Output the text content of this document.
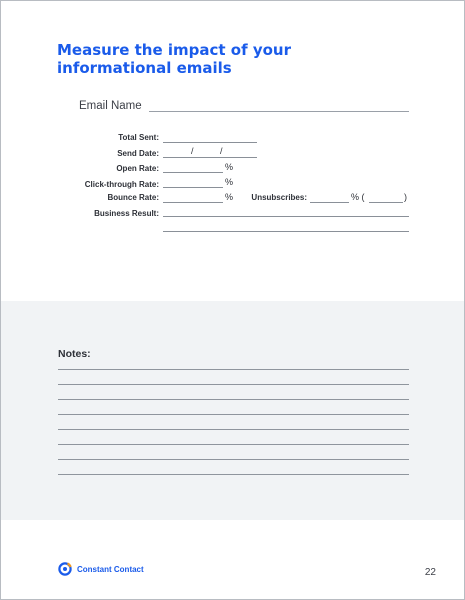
Measure the impact of your
informational emails
Email Name
Total Sent:
Send Date:	/	/
Open Rate:	%
Click-through Rate:	%
Bounce Rate:	%	Unsubscribes:	% (	)
Business Result:
Notes:
Constant Contact	22
